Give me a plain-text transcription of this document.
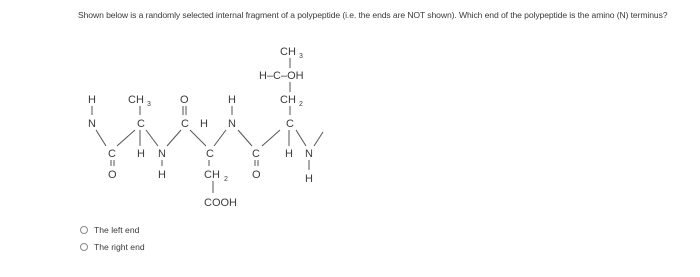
Shown below is a randomly selected internal fragment of a polypeptide (i.e. the ends are NOT shown). Which end of the polypeptide is the amino (N) terminus?
H
N
C
O
CH 3
C
H N
H
O
C H
C
CH 2
COOH
H
N
C
O
CH 3
H–C–OH
CH 2
C
H N
H
The left end
The right end
